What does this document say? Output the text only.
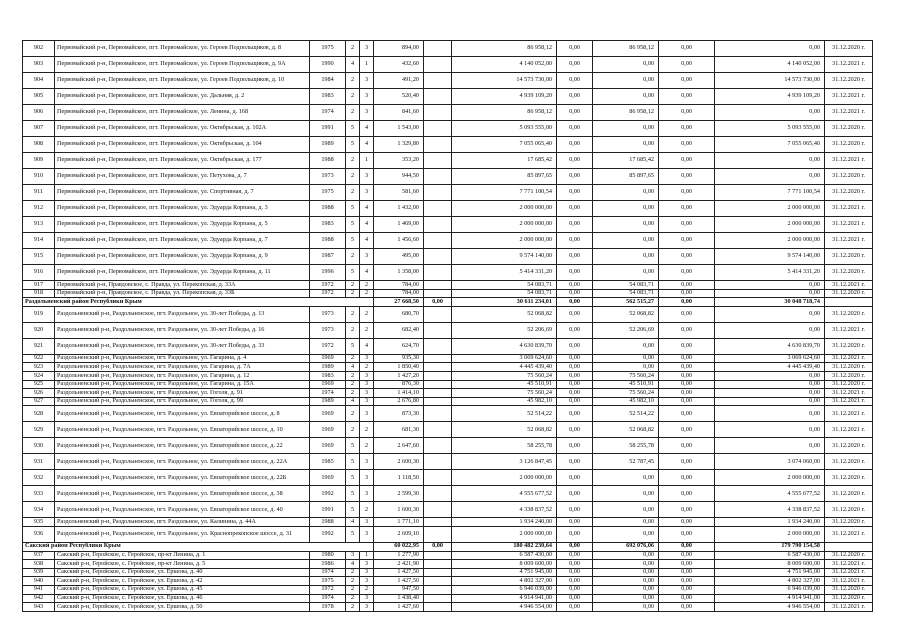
902	Первомайский р-н, Первомайское, пгт. Первомайское, ул. Героев Подпольщиков, д. 8	1975	2	3	894,00		86 958,12	0,00	86 958,12	0,00	0,00	31.12.2020 г.
903	Первомайский р-н, Первомайское, пгт. Первомайское, ул. Героев Подпольщиков, д. 9А	1990	4	1	432,60		4 140 052,00	0,00	0,00	0,00	4 140 052,00	31.12.2021 г.
904	Первомайский р-н, Первомайское, пгт. Первомайское, ул. Героев Подпольщиков, д. 10	1984	2	3	491,20		14 573 730,00	0,00	0,00	0,00	14 573 730,00	31.12.2020 г.
905	Первомайский р-н, Первомайское, пгт. Первомайское, ул. Дальняя, д. 2	1983	2	3	520,40		4 939 109,20	0,00	0,00	0,00	4 939 109,20	31.12.2021 г.
906	Первомайский р-н, Первомайское, пгт. Первомайское, ул. Ленина, д. 168	1974	2	3	841,60		86 958,12	0,00	86 958,12	0,00	0,00	31.12.2021 г.
907	Первомайский р-н, Первомайское, пгт. Первомайское, ул. Октябрьская, д. 102А	1991	5	4	1 543,00		5 093 555,00	0,00	0,00	0,00	5 093 555,00	31.12.2020 г.
908	Первомайский р-н, Первомайское, пгт. Первомайское, ул. Октябрьская, д. 104	1989	5	4	1 329,80		7 055 065,40	0,00	0,00	0,00	7 055 065,40	31.12.2020 г.
909	Первомайский р-н, Первомайское, пгт. Первомайское, ул. Октябрьская, д. 177	1988	2	1	353,20		17 685,42	0,00	17 685,42	0,00	0,00	31.12.2021 г.
910	Первомайский р-н, Первомайское, пгт. Первомайское, ул. Петухова, д. 7	1973	2	3	944,50		85 897,65	0,00	85 897,65	0,00	0,00	31.12.2020 г.
911	Первомайский р-н, Первомайское, пгт. Первомайское, ул. Спортивная, д. 7	1975	2	3	581,60		7 771 100,54	0,00	0,00	0,00	7 771 100,54	31.12.2020 г.
912	Первомайский р-н, Первомайское, пгт. Первомайское, ул. Эдуарда Корпана, д. 3	1988	5	4	1 432,00		2 000 000,00	0,00	0,00	0,00	2 000 000,00	31.12.2021 г.
913	Первомайский р-н, Первомайское, пгт. Первомайское, ул. Эдуарда Корпана, д. 5	1983	5	4	1 469,00		2 000 000,00	0,00	0,00	0,00	2 000 000,00	31.12.2021 г.
914	Первомайский р-н, Первомайское, пгт. Первомайское, ул. Эдуарда Корпана, д. 7	1988	5	4	1 456,60		2 000 000,00	0,00	0,00	0,00	2 000 000,00	31.12.2021 г.
915	Первомайский р-н, Первомайское, пгт. Первомайское, ул. Эдуарда Корпана, д. 9	1987	2	3	495,00		9 574 140,00	0,00	0,00	0,00	9 574 140,00	31.12.2020 г.
916	Первомайский р-н, Первомайское, пгт. Первомайское, ул. Эдуарда Корпана, д. 11	1996	5	4	1 358,00		5 414 331,20	0,00	0,00	0,00	5 414 331,20	31.12.2020 г.
917	Первомайский р-н, Правдовское, с. Правда, ул. Перекопская, д. 33А	1972	2	2	784,00		54 083,71	0,00	54 083,71	0,00	0,00	31.12.2021 г.
918	Первомайский р-н, Правдовское, с. Правда, ул. Перекопская, д. 33Б	1972	2	2	784,00		54 083,71	0,00	54 083,71	0,00	0,00	31.12.2020 г.
Раздольненский район Республики Крым					27 668,50	0,00	30 611 234,01	0,00	562 515,27	0,00	30 048 718,74	
919	Раздольненский р-н, Раздольненское, пгт. Раздольное, ул. 30-лет Победы, д. 13	1973	2	2	680,70		52 068,82	0,00	52 068,82	0,00	0,00	31.12.2020 г.
920	Раздольненский р-н, Раздольненское, пгт. Раздольное, ул. 30-лет Победы, д. 16	1973	2	2	682,40		52 206,69	0,00	52 206,69	0,00	0,00	31.12.2021 г.
921	Раздольненский р-н, Раздольненское, пгт. Раздольное, ул. 30-лет Победы, д. 33	1972	5	4	624,70		4 630 839,70	0,00	0,00	0,00	4 630 839,70	31.12.2020 г.
922	Раздольненский р-н, Раздольненское, пгт. Раздольное, ул. Гагарина, д. 4	1969	2	3	935,30		3 069 624,60	0,00	0,00	0,00	3 069 624,60	31.12.2021 г.
923	Раздольненский р-н, Раздольненское, пгт. Раздольное, ул. Гагарина, д. 7А	1989	4	2	1 850,40		4 445 439,40	0,00	0,00	0,00	4 445 439,40	31.12.2020 г.
924	Раздольненский р-н, Раздольненское, пгт. Раздольное, ул. Гагарина, д. 12	1983	2	3	1 427,20		75 560,24	0,00	75 560,24	0,00	0,00	31.12.2020 г.
925	Раздольненский р-н, Раздольненское, пгт. Раздольное, ул. Гагарина, д. 15А	1969	2	3	876,30		45 510,91	0,00	45 510,91	0,00	0,00	31.12.2020 г.
926	Раздольненский р-н, Раздольненское, пгт. Раздольное, ул. Гоголя, д. 91	1974	2	3	1 414,10		75 560,24	0,00	75 560,24	0,00	0,00	31.12.2021 г.
927	Раздольненский р-н, Раздольненское, пгт. Раздольное, ул. Гоголя, д. 99	1989	4	3	2 676,80		45 982,10	0,00	45 982,10	0,00	0,00	31.12.2021 г.
928	Раздольненский р-н, Раздольненское, пгт. Раздольное, ул. Евпаторийское шоссе, д. 8	1969	2	3	873,30		52 514,22	0,00	52 514,22	0,00	0,00	31.12.2021 г.
929	Раздольненский р-н, Раздольненское, пгт. Раздольное, ул. Евпаторийское шоссе, д. 10	1969	2	2	681,30		52 068,82	0,00	52 068,82	0,00	0,00	31.12.2021 г.
930	Раздольненский р-н, Раздольненское, пгт. Раздольное, ул. Евпаторийское шоссе, д. 22	1969	5	2	2 647,60		58 255,78	0,00	58 255,78	0,00	0,00	31.12.2020 г.
931	Раздольненский р-н, Раздольненское, пгт. Раздольное, ул. Евпаторийское шоссе, д. 22А	1985	5	3	2 600,30		3 126 847,45	0,00	52 787,45	0,00	3 074 060,00	31.12.2020 г.
932	Раздольненский р-н, Раздольненское, пгт. Раздольное, ул. Евпаторийское шоссе, д. 22Б	1969	5	3	1 118,50		2 000 000,00	0,00	0,00	0,00	2 000 000,00	31.12.2020 г.
933	Раздольненский р-н, Раздольненское, пгт. Раздольное, ул. Евпаторийское шоссе, д. 38	1992	5	3	2 599,30		4 555 677,52	0,00	0,00	0,00	4 555 677,52	31.12.2020 г.
934	Раздольненский р-н, Раздольненское, пгт. Раздольное, ул. Евпаторийское шоссе, д. 40	1991	5	2	1 600,30		4 338 837,52	0,00	0,00	0,00	4 338 837,52	31.12.2020 г.
935	Раздольненский р-н, Раздольненское, пгт. Раздольное, ул. Калинина, д. 44А	1988	4	3	1 771,10		1 934 240,00	0,00	0,00	0,00	1 934 240,00	31.12.2020 г.
936	Раздольненский р-н, Раздольненское, пгт. Раздольное, ул. Краснопрекопское шоссе, д. 31	1992	5	3	2 609,10		2 000 000,00	0,00	0,00	0,00	2 000 000,00	31.12.2021 г.
Сакский район Республики Крым					60 022,95	0,00	180 482 230,64	0,00	692 076,06	0,00	179 790 154,58	
937	Сакский р-н, Геройское, с. Геройское, пр-кт Ленина, д. 1	1980	3	1	1 277,90		6 587 430,00	0,00	0,00	0,00	6 587 430,00	31.12.2020 г.
938	Сакский р-н, Геройское, с. Геройское, пр-кт Ленина, д. 5	1986	4	3	2 421,90		8 009 600,00	0,00	0,00	0,00	8 009 600,00	31.12.2021 г.
939	Сакский р-н, Геройское, с. Геройское, ул. Ершова, д. 40	1974	2	3	1 427,50		4 751 945,00	0,00	0,00	0,00	4 751 945,00	31.12.2021 г.
940	Сакский р-н, Геройское, с. Геройское, ул. Ершова, д. 42	1975	2	3	1 427,50		4 802 327,00	0,00	0,00	0,00	4 802 327,00	31.12.2021 г.
941	Сакский р-н, Геройское, с. Геройское, ул. Ершова, д. 45	1972	2	2	947,50		6 946 039,00	0,00	0,00	0,00	6 946 039,00	31.12.2020 г.
942	Сакский р-н, Геройское, с. Геройское, ул. Ершова, д. 46	1974	2	3	1 438,40		4 914 941,00	0,00	0,00	0,00	4 914 941,00	31.12.2020 г.
943	Сакский р-н, Геройское, с. Геройское, ул. Ершова, д. 50	1978	2	3	1 427,60		4 946 554,00	0,00	0,00	0,00	4 946 554,00	31.12.2021 г.
